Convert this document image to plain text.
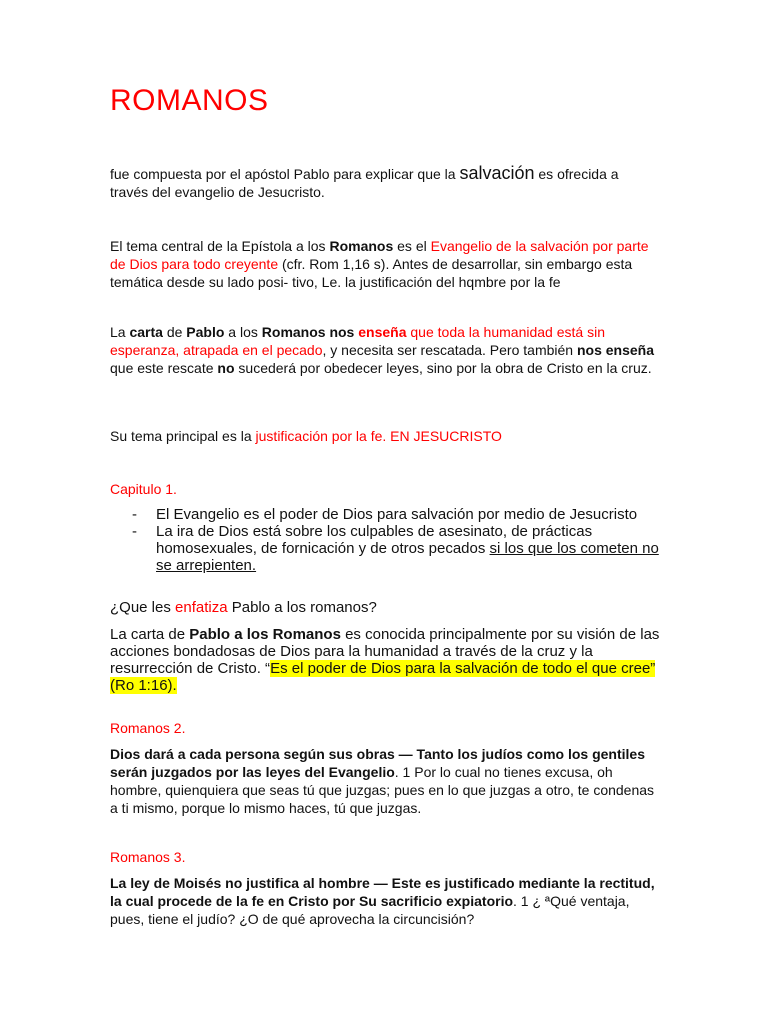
ROMANOS

fue compuesta por el apóstol Pablo para explicar que la salvación es ofrecida a través del evangelio de Jesucristo.

El tema central de la Epístola a los Romanos es el Evangelio de la salvación por parte de Dios para todo creyente (cfr. Rom 1,16 s). Antes de desarrollar, sin embargo esta temática desde su lado posi- tivo, Le. la justificación del hqmbre por la fe

La carta de Pablo a los Romanos nos enseña que toda la humanidad está sin esperanza, atrapada en el pecado, y necesita ser rescatada. Pero también nos enseña que este rescate no sucederá por obedecer leyes, sino por la obra de Cristo en la cruz.

Su tema principal es la justificación por la fe. EN JESUCRISTO

Capitulo 1.

- El Evangelio es el poder de Dios para salvación por medio de Jesucristo
- La ira de Dios está sobre los culpables de asesinato, de prácticas homosexuales, de fornicación y de otros pecados si los que los cometen no se arrepienten.

¿Que les enfatiza Pablo a los romanos?

La carta de Pablo a los Romanos es conocida principalmente por su visión de las acciones bondadosas de Dios para la humanidad a través de la cruz y la resurrección de Cristo. “Es el poder de Dios para la salvación de todo el que cree” (Ro 1:16).

Romanos 2.

Dios dará a cada persona según sus obras — Tanto los judíos como los gentiles serán juzgados por las leyes del Evangelio. 1 Por lo cual no tienes excusa, oh hombre, quienquiera que seas tú que juzgas; pues en lo que juzgas a otro, te condenas a ti mismo, porque lo mismo haces, tú que juzgas.

Romanos 3.

La ley de Moisés no justifica al hombre — Este es justificado mediante la rectitud, la cual procede de la fe en Cristo por Su sacrificio expiatorio. 1 ¿ ªQué ventaja, pues, tiene el judío? ¿O de qué aprovecha la circuncisión?
